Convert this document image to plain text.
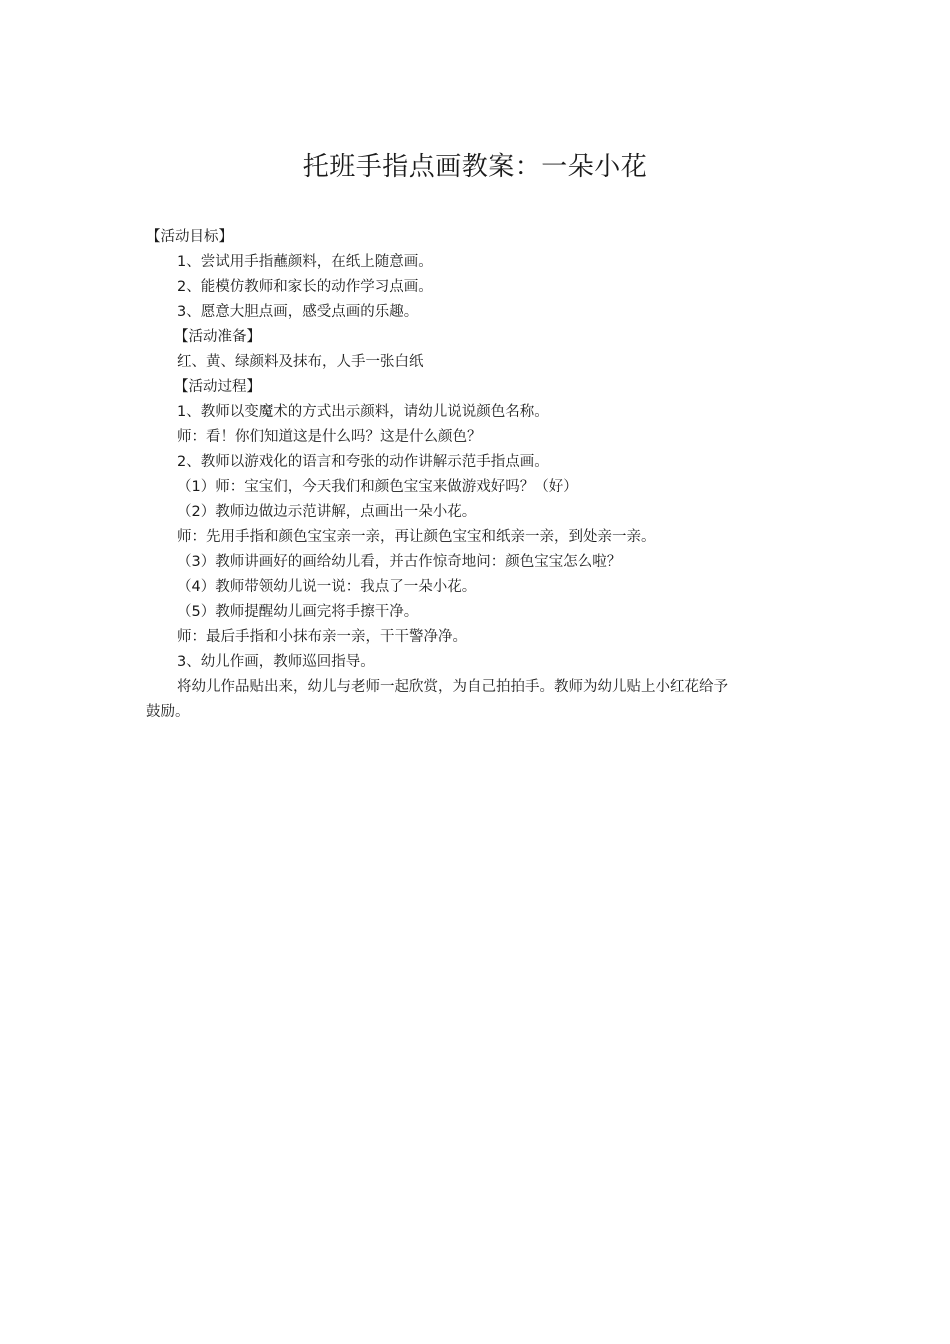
托班手指点画教案：一朵小花

【活动目标】

1、尝试用手指蘸颜料，在纸上随意画。

2、能模仿教师和家长的动作学习点画。

3、愿意大胆点画，感受点画的乐趣。

【活动准备】

红、黄、绿颜料及抹布，人手一张白纸

【活动过程】

1、教师以变魔术的方式出示颜料，请幼儿说说颜色名称。

师：看！你们知道这是什么吗？这是什么颜色？

2、教师以游戏化的语言和夸张的动作讲解示范手指点画。

（1）师：宝宝们，今天我们和颜色宝宝来做游戏好吗？（好）

（2）教师边做边示范讲解，点画出一朵小花。

师：先用手指和颜色宝宝亲一亲，再让颜色宝宝和纸亲一亲，到处亲一亲。

（3）教师讲画好的画给幼儿看，并古作惊奇地问：颜色宝宝怎么啦？

（4）教师带领幼儿说一说：我点了一朵小花。

（5）教师提醒幼儿画完将手擦干净。

师：最后手指和小抹布亲一亲，干干警净净。

3、幼儿作画，教师巡回指导。

将幼儿作品贴出来，幼儿与老师一起欣赏，为自己拍拍手。教师为幼儿贴上小红花给予

鼓励。
